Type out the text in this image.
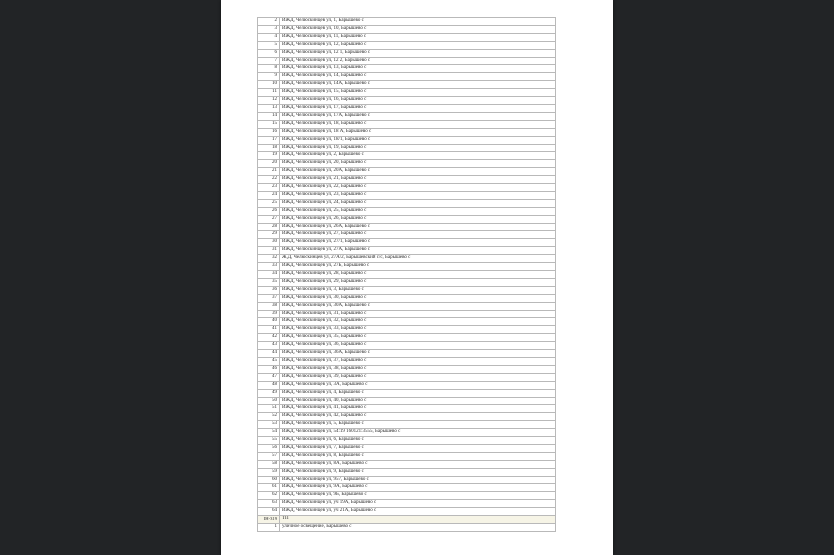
2	ИЖД, Челюскинцев ул, 1, Барышево с
3	ИЖД, Челюскинцев ул, 10, Барышево с
4	ИЖД, Челюскинцев ул, 11, Барышево с
5	ИЖД, Челюскинцев ул, 12, Барышево с
6	ИЖД, Челюскинцев ул, 12 1, Барышево с
7	ИЖД, Челюскинцев ул, 12 2, Барышево с
8	ИЖД, Челюскинцев ул, 13, Барышево с
9	ИЖД, Челюскинцев ул, 14, Барышево с
10	ИЖД, Челюскинцев ул, 14А, Барышево с
11	ИЖД, Челюскинцев ул, 15, Барышево с
12	ИЖД, Челюскинцев ул, 16, Барышево с
13	ИЖД, Челюскинцев ул, 17, Барышево с
14	ИЖД, Челюскинцев ул, 17А, Барышево с
15	ИЖД, Челюскинцев ул, 18, Барышево с
16	ИЖД, Челюскинцев ул, 18 А, Барышево с
17	ИЖД, Челюскинцев ул, 18/1, Барышево с
18	ИЖД, Челюскинцев ул, 19, Барышево с
19	ИЖД, Челюскинцев ул, 2, Барышево с
20	ИЖД, Челюскинцев ул, 20, Барышево с
21	ИЖД, Челюскинцев ул, 20А, Барышево с
22	ИЖД, Челюскинцев ул, 21, Барышево с
23	ИЖД, Челюскинцев ул, 22, Барышево с
24	ИЖД, Челюскинцев ул, 23, Барышево с
25	ИЖД, Челюскинцев ул, 24, Барышево с
26	ИЖД, Челюскинцев ул, 25, Барышево с
27	ИЖД, Челюскинцев ул, 26, Барышево с
28	ИЖД, Челюскинцев ул, 26А, Барышево с
29	ИЖД, Челюскинцев ул, 27, Барышево с
30	ИЖД, Челюскинцев ул, 27/1, Барышево с
31	ИЖД, Челюскинцев ул, 27А, Барышево с
32	Ж,Д, Челюскинцев ул, 27А/2, Барышевский с/с, Барышево с
33	ИЖД, Челюскинцев ул, 27Б, Барышево с
34	ИЖД, Челюскинцев ул, 28, Барышево с
35	ИЖД, Челюскинцев ул, 29, Барышево с
36	ИЖД, Челюскинцев ул, 3, Барышево с
37	ИЖД, Челюскинцев ул, 30, Барышево с
38	ИЖД, Челюскинцев ул, 30А, Барышево с
39	ИЖД, Челюскинцев ул, 31, Барышево с
40	ИЖД, Челюскинцев ул, 32, Барышево с
41	ИЖД, Челюскинцев ул, 33, Барышево с
42	ИЖД, Челюскинцев ул, 35, Барышево с
43	ИЖД, Челюскинцев ул, 36, Барышево с
44	ИЖД, Челюскинцев ул, 36А, Барышево с
45	ИЖД, Челюскинцев ул, 37, Барышево с
46	ИЖД, Челюскинцев ул, 38, Барышево с
47	ИЖД, Челюскинцев ул, 39, Барышево с
48	ИЖД, Челюскинцев ул, 3А, Барышево с
49	ИЖД, Челюскинцев ул, 4, Барышево с
50	ИЖД, Челюскинцев ул, 40, Барышево с
51	ИЖД, Челюскинцев ул, 41, Барышево с
52	ИЖД, Челюскинцев ул, 42, Барышево с
53	ИЖД, Челюскинцев ул, 5, Барышево с
54	ИЖД, Челюскинцев ул, 54:19 160121:3555, Барышево с
55	ИЖД, Челюскинцев ул, 6, Барышево с
56	ИЖД, Челюскинцев ул, 7, Барышево с
57	ИЖД, Челюскинцев ул, 8, Барышево с
58	ИЖД, Челюскинцев ул, 8А, Барышево с
59	ИЖД, Челюскинцев ул, 9, Барышево с
60	ИЖД, Челюскинцев ул, 957, Барышево с
61	ИЖД, Челюскинцев ул, 9А, Барышево с
62	ИЖД, Челюскинцев ул, 9Б, Барышево с
63	ИЖД, Челюскинцев ул, уч 19А, Барышево с
64	ИЖД, Челюскинцев ул, уч 21А, Барышево с
ІН-319	ТП
1	уличное освещение, Барышево с
